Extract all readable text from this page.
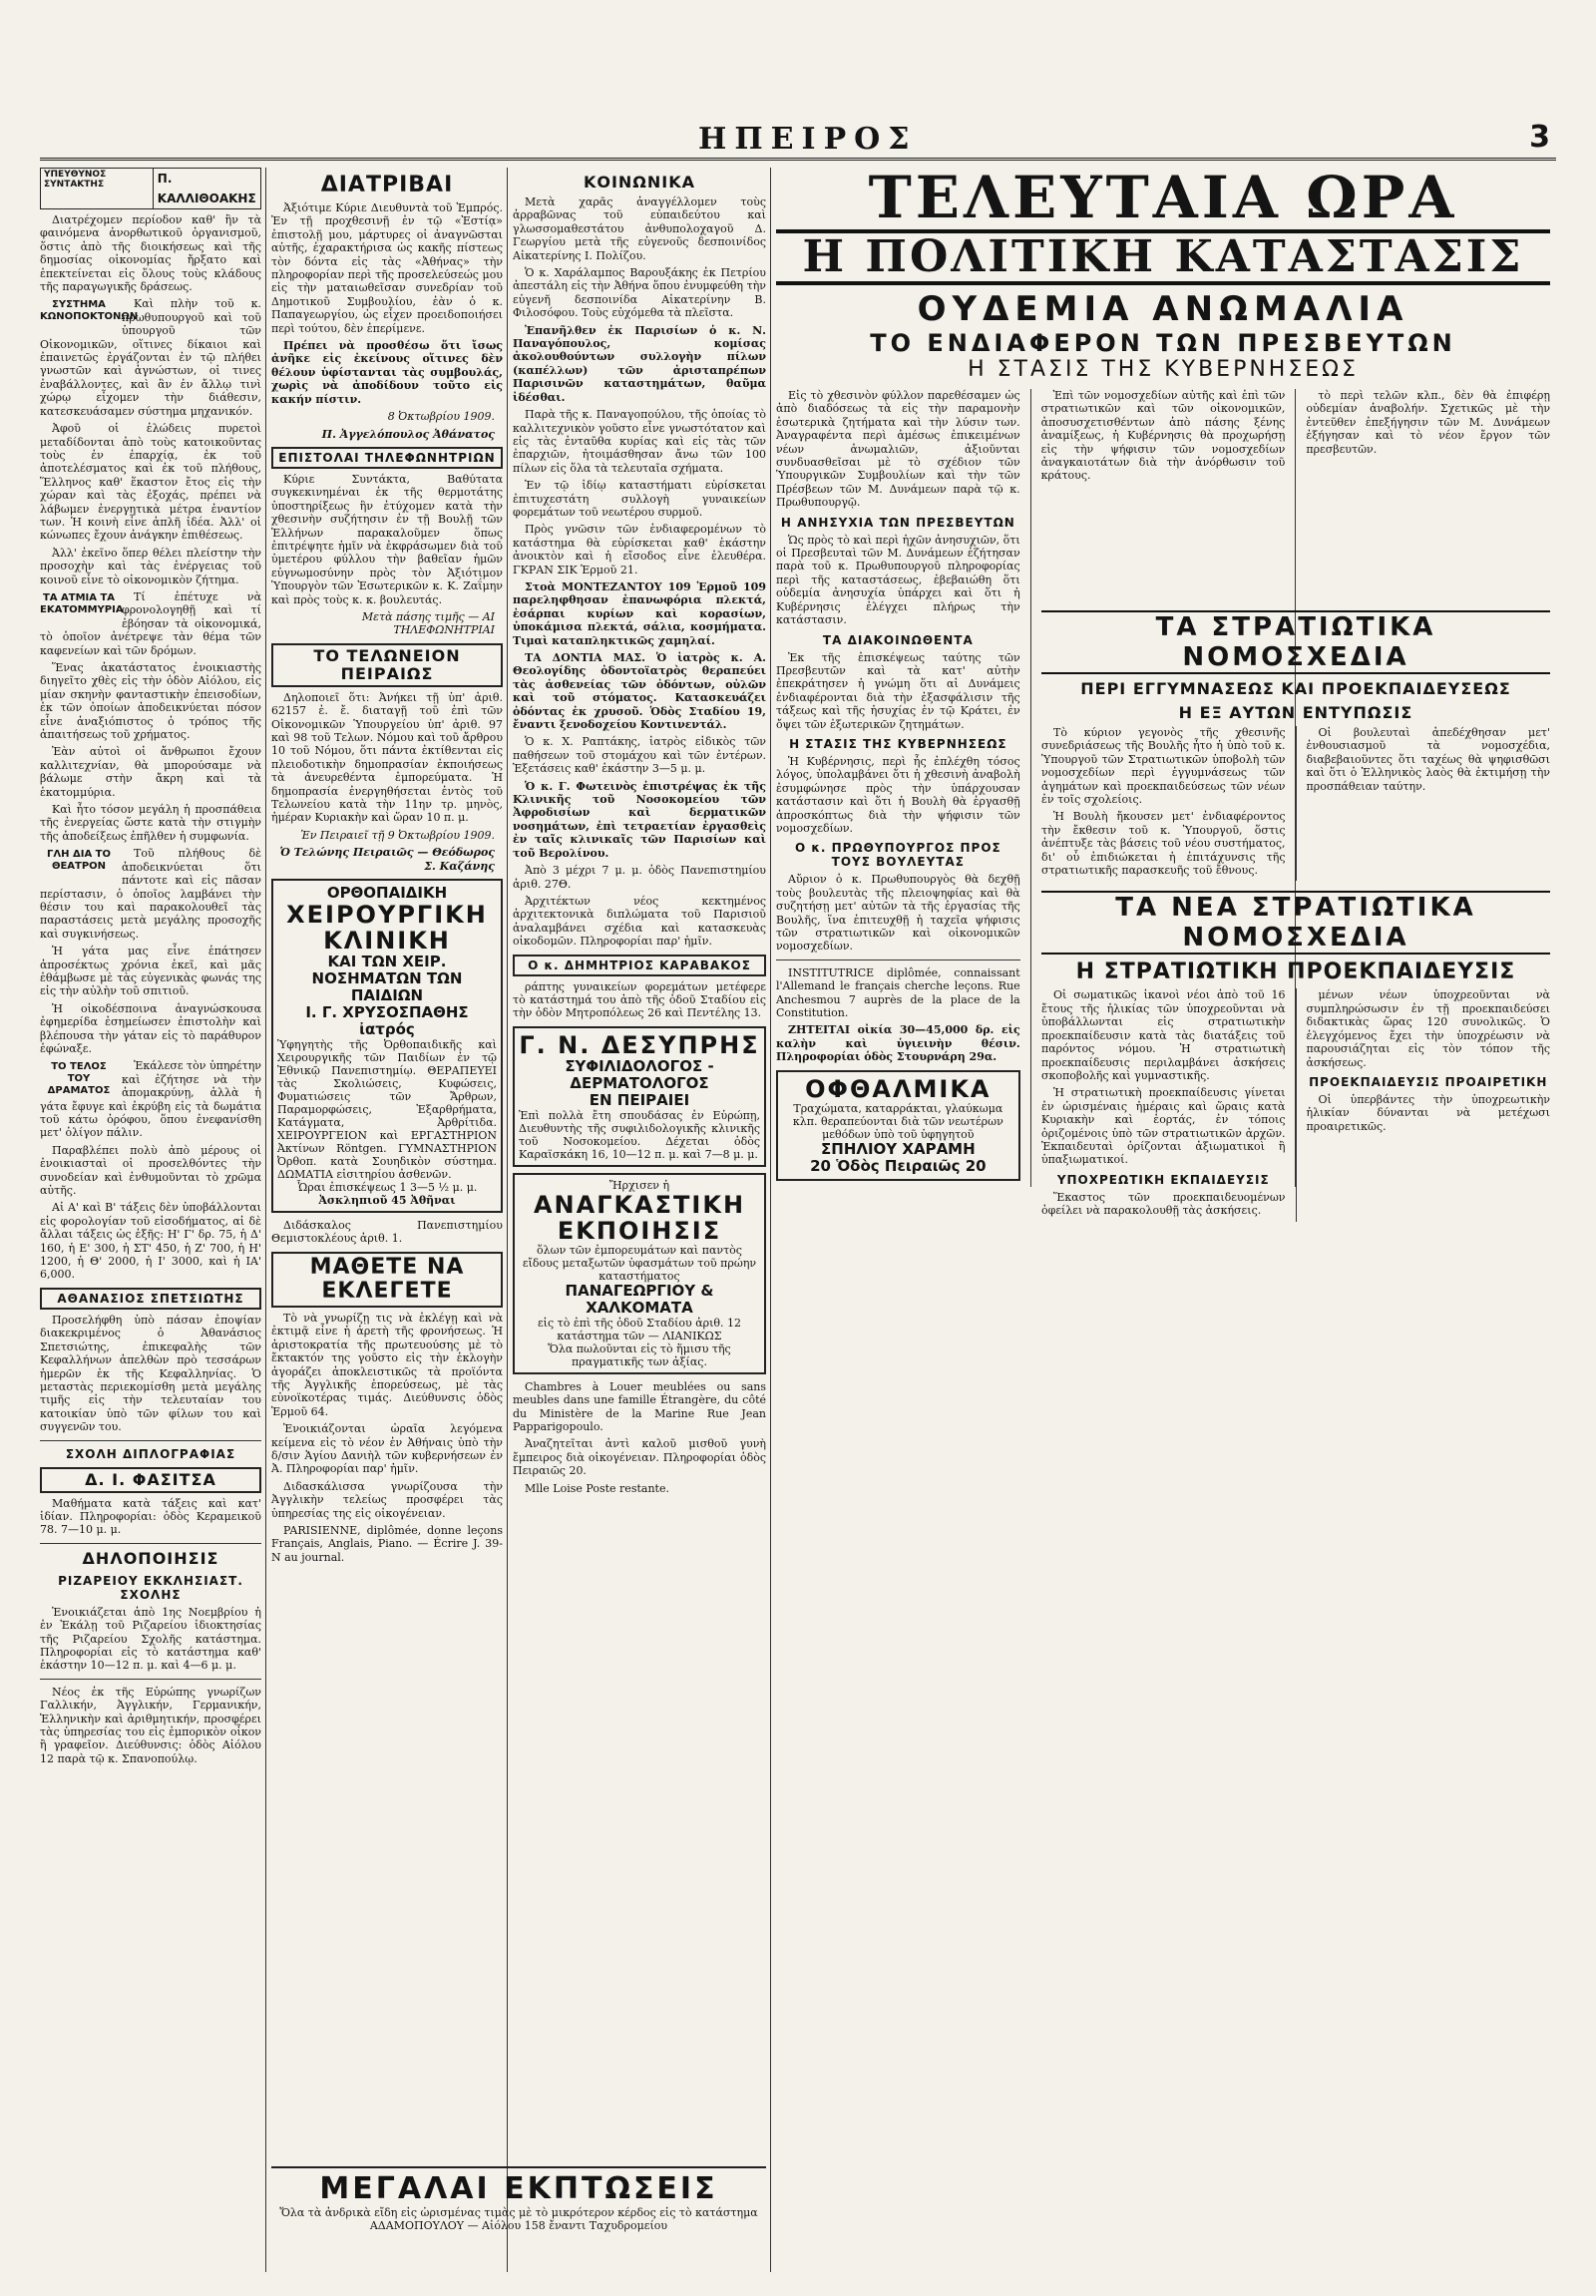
ΗΠΕΙΡΟΣ	3
ΥΠΕΥΘΥΝΟΣ ΣΥΝΤΑΚΤΗΣ	Π. ΚΑΛΛΙΘΟΑΚΗΣ

Διατρέχομεν περίοδον καθ' ἣν τὰ φαινόμενα ἀνορθωτικοῦ ὀργανισμοῦ, ὅστις ἀπὸ τῆς διοικήσεως καὶ τῆς δημοσίας οἰκονομίας ἤρξατο καὶ ἐπεκτείνεται εἰς ὅλους τοὺς κλάδους τῆς παραγωγικῆς δράσεως.

ΣΥΣΤΗΜΑ ΚΩΝΟΠΟΚΤΟΝΩΝ

Καὶ πλὴν τοῦ κ. πρωθυπουργοῦ καὶ τοῦ ὑπουργοῦ τῶν Οἰκονομικῶν, οἵτινες δίκαιοι καὶ ἐπαινετῶς ἐργάζονται ἐν τῷ πλήθει γνωστῶν καὶ ἀγνώστων, οἱ τινες ἐναβάλλοντες, καὶ ἂν ἐν ἄλλῳ τινὶ χώρῳ εἶχομεν τὴν διάθεσιν, κατεσκευάσαμεν σύστημα μηχανικόν.

Ἀφοῦ οἱ ἐλώδεις πυρετοὶ μεταδίδονται ἀπὸ τοὺς κατοικοῦντας τοὺς ἐν ἐπαρχίᾳ, ἐκ τοῦ ἀποτελέσματος καὶ ἐκ τοῦ πλήθους, Ἕλληνος καθ' ἕκαστον ἔτος εἰς τὴν χώραν καὶ τὰς ἐξοχάς, πρέπει νὰ λάβωμεν ἐνεργητικὰ μέτρα ἐναντίον των. Ἡ κοινὴ εἶνε ἁπλῆ ἰδέα. Ἀλλ' οἱ κώνωπες ἔχουν ἀνάγκην ἐπιθέσεως.

Ἀλλ' ἐκεῖνο ὅπερ θέλει πλείστην τὴν προσοχὴν καὶ τὰς ἐνέργειας τοῦ κοινοῦ εἶνε τὸ οἰκονομικὸν ζήτημα.

ΤΑ ΑΤΜΙΑ ΤΑ ΕΚΑΤΟΜΜΥΡΙΑ

Τί ἐπέτυχε νὰ φρονολογηθῇ καὶ τί ἐβόησαν τὰ οἰκονομικά, τὸ ὁποῖον ἀνέτρεψε τὰν θέμα τῶν καφενείων καὶ τῶν δρόμων.

Ἕνας ἀκατάστατος ἐνοικιαστὴς διηγεῖτο χθὲς εἰς τὴν ὁδὸν Αἰόλου, εἰς μίαν σκηνὴν φανταστικὴν ἐπεισοδίων, ἐκ τῶν ὁποίων ἀποδεικνύεται πόσον εἶνε ἀναξιόπιστος ὁ τρόπος τῆς ἀπαιτήσεως τοῦ χρήματος.

Ἐὰν αὐτοὶ οἱ ἄνθρωποι ἔχουν καλλιτεχνίαν, θὰ μπορούσαμε νὰ βάλωμε στὴν ἄκρη καὶ τὰ ἑκατομμύρια.

Καὶ ἦτο τόσον μεγάλη ἡ προσπάθεια τῆς ἐνεργείας ὥστε κατὰ τὴν στιγμὴν τῆς ἀποδείξεως ἐπῆλθεν ἡ συμφωνία.

ΓΛΗ ΔΙΑ ΤΟ ΘΕΑΤΡΟΝ

Τοῦ πλήθους δὲ ἀποδεικνύεται ὅτι πάντοτε καὶ εἰς πᾶσαν περίστασιν, ὁ ὁποῖος λαμβάνει τὴν θέσιν του καὶ παρακολουθεῖ τὰς παραστάσεις μετὰ μεγάλης προσοχῆς καὶ συγκινήσεως.

Ἡ γάτα μας εἶνε ἐπάτησεν ἀπροσέκτως χρόνια ἐκεῖ, καὶ μᾶς ἐθάμβωσε μὲ τὰς εὐγενικὰς φωνάς της εἰς τὴν αὐλὴν τοῦ σπιτιοῦ.

Ἡ οἰκοδέσποινα ἀναγνώσκουσα ἐφημερίδα ἐσημείωσεν ἐπιστολὴν καὶ βλέπουσα τὴν γάταν εἰς τὸ παράθυρον ἐφώναξε.

ΤΟ ΤΕΛΟΣ ΤΟΥ ΔΡΑΜΑΤΟΣ

Ἐκάλεσε τὸν ὑπηρέτην καὶ ἐζήτησε νὰ τὴν ἀπομακρύνῃ, ἀλλὰ ἡ γάτα ἔφυγε καὶ ἐκρύβη εἰς τὰ δωμάτια τοῦ κάτω ὀρόφου, ὅπου ἐνεφανίσθη μετ' ὀλίγον πάλιν.

Παραβλέπει πολὺ ἀπὸ μέρους οἱ ἐνοικιασταὶ οἱ προσελθόντες τὴν συνοδείαν καὶ ἐνθυμοῦνται τὸ χρῶμα αὐτῆς.

Αἱ Α' καὶ Β' τάξεις δὲν ὑποβάλλονται εἰς φορολογίαν τοῦ εἰσοδήματος, αἱ δὲ ἄλλαι τάξεις ὡς ἑξῆς: Η' Γ' δρ. 75, ἡ Δ' 160, ἡ Ε' 300, ἡ ΣΤ' 450, ἡ Ζ' 700, ἡ Η' 1200, ἡ Θ' 2000, ἡ Ι' 3000, καὶ ἡ ΙΑ' 6,000.

ΑΘΑΝΑΣΙΟΣ ΣΠΕΤΣΙΩΤΗΣ

Προσελήφθη ὑπὸ πάσαν ἐποψίαν διακεκριμένος ὁ Ἀθανάσιος Σπετσιώτης, ἐπικεφαλὴς τῶν Κεφαλλήνων ἀπελθὼν πρὸ τεσσάρων ἡμερῶν ἐκ τῆς Κεφαλληνίας. Ὁ μεταστὰς περιεκομίσθη μετὰ μεγάλης τιμῆς εἰς τὴν τελευταίαν του κατοικίαν ὑπὸ τῶν φίλων του καὶ συγγενῶν του.

ΣΧΟΛΗ ΔΙΠΛΟΓΡΑΦΙΑΣ
Δ. Ι. ΦΑΣΙΤΣΑ

Μαθήματα κατὰ τάξεις καὶ κατ' ἰδίαν. Πληροφορίαι: ὁδὸς Κεραμεικοῦ 78. 7—10 μ. μ.

ΔΗΛΟΠΟΙΗΣΙΣ
ΡΙΖΑΡΕΙΟΥ ΕΚΚΛΗΣΙΑΣΤ. ΣΧΟΛΗΣ

Ἐνοικιάζεται ἀπὸ 1ης Νοεμβρίου ἡ ἐν Ἐκάλῃ τοῦ Ριζαρείου ἰδιοκτησίας τῆς Ριζαρείου Σχολῆς κατάστημα. Πληροφορίαι εἰς τὸ κατάστημα καθ' ἑκάστην 10—12 π. μ. καὶ 4—6 μ. μ.

Νέος ἐκ τῆς Εὐρώπης γνωρίζων Γαλλικήν, Ἀγγλικήν, Γερμανικήν, Ἑλληνικὴν καὶ ἀριθμητικήν, προσφέρει τὰς ὑπηρεσίας του εἰς ἐμπορικὸν οἶκον ἢ γραφεῖον. Διεύθυνσις: ὁδὸς Αἰόλου 12 παρὰ τῷ κ. Σπανοπούλῳ.

ΔΙΑΤΡΙΒΑΙ

Ἀξιότιμε Κύριε Διευθυντὰ τοῦ Ἐμπρός. Ἐν τῇ προχθεσινῇ ἐν τῷ «Ἐστίᾳ» ἐπιστολῇ μου, μάρτυρες οἱ ἀναγνῶσται αὐτῆς, ἐχαρακτήρισα ὡς κακῆς πίστεως τὸν δόντα εἰς τὰς «Ἀθήνας» τὴν πληροφορίαν περὶ τῆς προσελεύσεώς μου εἰς τὴν ματαιωθεῖσαν συνεδρίαν τοῦ Δημοτικοῦ Συμβουλίου, ἐὰν ὁ κ. Παπαγεωργίου, ὡς εἶχεν προειδοποιήσει περὶ τούτου, δὲν ἐπερίμενε.

Πρέπει νὰ προσθέσω ὅτι ἴσως ἀνῆκε εἰς ἐκείνους οἵτινες δὲν θέλουν ὑφίστανται τὰς συμβουλάς, χωρὶς νὰ ἀποδίδουν τοῦτο εἰς κακήν πίστιν.

8 Ὀκτωβρίου 1909.
Π. Ἀγγελόπουλος Ἀθάνατος
ΕΠΙΣΤΟΛΑΙ ΤΗΛΕΦΩΝΗΤΡΙΩΝ

Κύριε Συντάκτα, Βαθύτατα συγκεκινημέναι ἐκ τῆς θερμοτάτης ὑποστηρίξεως ἣν ἐτύχομεν κατὰ τὴν χθεσινὴν συζήτησιν ἐν τῇ Βουλῇ τῶν Ἑλλήνων παρακαλοῦμεν ὅπως ἐπιτρέψητε ἡμῖν νὰ ἐκφράσωμεν διὰ τοῦ ὑμετέρου φύλλου τὴν βαθεῖαν ἡμῶν εὐγνωμοσύνην πρὸς τὸν Ἀξιότιμον Ὑπουργὸν τῶν Ἐσωτερικῶν κ. Κ. Ζαΐμην καὶ πρὸς τοὺς κ. κ. βουλευτάς.

Μετὰ πάσης τιμῆς — ΑΙ ΤΗΛΕΦΩΝΗΤΡΙΑΙ
ΤΟ ΤΕΛΩΝΕΙΟΝ ΠΕΙΡΑΙΩΣ

Δηλοποιεῖ ὅτι: Ἀνήκει τῇ ὑπ' ἀριθ. 62157 ἐ. ἔ. διαταγῇ τοῦ ἐπὶ τῶν Οἰκονομικῶν Ὑπουργείου ὑπ' ἀριθ. 97 καὶ 98 τοῦ Τελων. Νόμου καὶ τοῦ ἄρθρου 10 τοῦ Νόμου, ὅτι πάντα ἐκτίθενται εἰς πλειοδοτικὴν δημοπρασίαν ἐκποιήσεως τὰ ἀνευρεθέντα ἐμπορεύματα. Ἡ δημοπρασία ἐνεργηθήσεται ἐντὸς τοῦ Τελωνείου κατὰ τὴν 11ην τρ. μηνὸς, ἡμέραν Κυριακὴν καὶ ὥραν 10 π. μ.

Ἐν Πειραιεῖ τῇ 9 Ὀκτωβρίου 1909.
Ὁ Τελώνης Πειραιῶς — Θεόδωρος Σ. Καζάνης
ΟΡΘΟΠΑΙΔΙΚΗ
ΧΕΙΡΟΥΡΓΙΚΗ ΚΛΙΝΙΚΗ
ΚΑΙ ΤΩΝ ΧΕΙΡ. ΝΟΣΗΜΑΤΩΝ ΤΩΝ ΠΑΙΔΙΩΝ
Ι. Γ. ΧΡΥΣΟΣΠΑΘΗΣ ἰατρός
Ὑφηγητὴς τῆς Ὀρθοπαιδικῆς καὶ Χειρουργικῆς τῶν Παιδίων ἐν τῷ Ἐθνικῷ Πανεπιστημίῳ. ΘΕΡΑΠΕΥΕΙ τὰς Σκολιώσεις, Κυφώσεις, Φυματιώσεις τῶν Ἄρθρων, Παραμορφώσεις, Ἐξαρθρήματα, Κατάγματα, Ἀρθρίτιδα. ΧΕΙΡΟΥΡΓΕΙΟΝ καὶ ΕΡΓΑΣΤΗΡΙΟΝ Ἀκτίνων Röntgen. ΓΥΜΝΑΣΤΗΡΙΟΝ Ὀρθοπ. κατὰ Σουηδικὸν σύστημα. ΔΩΜΑΤΙΑ εἰσιτηρίου ἀσθενῶν.
Ὧραι ἐπισκέψεως 1 3—5 ½ μ. μ.
Ἀσκληπιοῦ 45 Ἀθῆναι

Διδάσκαλος Πανεπιστημίου Θεμιστοκλέους ἀριθ. 1.

ΜΑΘΕΤΕ ΝΑ ΕΚΛΕΓΕΤΕ

Τὸ νὰ γνωρίζῃ τις νὰ ἐκλέγῃ καὶ νὰ ἐκτιμᾷ εἶνε ἡ ἀρετὴ τῆς φρονήσεως. Ἡ ἀριστοκρατία τῆς πρωτευούσης μὲ τὸ ἔκτακτόν της γοῦστο εἰς τὴν ἐκλογὴν ἀγοράζει ἀποκλειστικῶς τὰ προϊόντα τῆς Ἀγγλικῆς ἐπορεύσεως, μὲ τὰς εὐνοϊκοτέρας τιμάς. Διεύθυνσις ὁδὸς Ἑρμοῦ 64.

Ἐνοικιάζονται ὡραῖα λεγόμενα κείμενα εἰς τὸ νέον ἐν Ἀθήναις ὑπὸ τὴν δ/σιν Ἁγίου Δανιὴλ τῶν κυβερνήσεων ἐν Ἀ. Πληροφορίαι παρ' ἡμῖν.

Διδασκάλισσα γνωρίζουσα τὴν Ἀγγλικὴν τελείως προσφέρει τὰς ὑπηρεσίας της εἰς οἰκογένειαν.

PARISIENNE, diplômée, donne leçons Français, Anglais, Piano. — Écrire J. 39-N au journal.

ΚΟΙΝΩΝΙΚΑ

Μετὰ χαρᾶς ἀναγγέλλομεν τοὺς ἀρραβῶνας τοῦ εὐπαιδεύτου καὶ γλωσσομαθεστάτου ἀνθυπολοχαγοῦ Δ. Γεωργίου μετὰ τῆς εὐγενοῦς δεσποινίδος Αἰκατερίνης Ι. Πολίζου.

Ὁ κ. Χαράλαμπος Βαρουξάκης ἐκ Πετρίου ἀπεστάλη εἰς τὴν Ἀθήνα ὅπου ἐνυμφεύθη τὴν εὐγενῆ δεσποινίδα Αἰκατερίνην Β. Φιλοσόφου. Τοὺς εὐχόμεθα τὰ πλεῖστα.

Ἐπανῆλθεν ἐκ Παρισίων ὁ κ. Ν. Παναγόπουλος, κομίσας ἀκολουθούντων συλλογὴν πίλων (καπέλλων) τῶν ἀρισταπρέπων Παρισινῶν καταστημάτων, θαῦμα ἰδέσθαι.

Παρὰ τῆς κ. Παναγοπούλου, τῆς ὁποίας τὸ καλλιτεχνικὸν γοῦστο εἶνε γνωστότατον καὶ εἰς τὰς ἐνταῦθα κυρίας καὶ εἰς τὰς τῶν ἐπαρχιῶν, ἠτοιμάσθησαν ἄνω τῶν 100 πίλων εἰς ὅλα τὰ τελευταῖα σχήματα.

Ἐν τῷ ἰδίῳ καταστήματι εὑρίσκεται ἐπιτυχεστάτη συλλογὴ γυναικείων φορεμάτων τοῦ νεωτέρου συρμοῦ.

Πρὸς γνῶσιν τῶν ἐνδιαφερομένων τὸ κατάστημα θὰ εὑρίσκεται καθ' ἑκάστην ἀνοικτὸν καὶ ἡ εἴσοδος εἶνε ἐλευθέρα. ΓΚΡΑΝ ΣΙΚ Ἑρμοῦ 21.

Στοὰ ΜΟΝΤΕΖΑΝΤΟΥ 109 Ἑρμοῦ 109 παρεληφθησαν ἐπανωφόρια πλεκτά, ἐσάρπαι κυρίων καὶ κορασίων, ὑποκάμισα πλεκτά, σάλια, κοσμήματα. Τιμαὶ καταπληκτικῶς χαμηλαί.

ΤΑ ΔΟΝΤΙΑ ΜΑΣ. Ὁ ἰατρὸς κ. Α. Θεολογίδης ὀδοντοϊατρὸς θεραπεύει τὰς ἀσθενείας τῶν ὀδόντων, οὐλῶν καὶ τοῦ στόματος. Κατασκευάζει ὀδόντας ἐκ χρυσοῦ. Ὁδὸς Σταδίου 19, ἔναντι ξενοδοχείου Κοντινεντάλ.

Ὁ κ. Χ. Ραπτάκης, ἰατρὸς εἰδικὸς τῶν παθήσεων τοῦ στομάχου καὶ τῶν ἐντέρων. Ἐξετάσεις καθ' ἑκάστην 3—5 μ. μ.

Ὁ κ. Γ. Φωτεινὸς ἐπιστρέψας ἐκ τῆς Κλινικῆς τοῦ Νοσοκομείου τῶν Ἀφροδισίων καὶ δερματικῶν νοσημάτων, ἐπὶ τετραετίαν ἐργασθεὶς ἐν ταῖς κλινικαῖς τῶν Παρισίων καὶ τοῦ Βερολίνου.

Ἀπὸ 3 μέχρι 7 μ. μ. ὁδὸς Πανεπιστημίου ἀριθ. 27Θ.

Ἀρχιτέκτων νέος κεκτημένος ἀρχιτεκτονικὰ διπλώματα τοῦ Παρισιοῦ ἀναλαμβάνει σχέδια καὶ κατασκευὰς οἰκοδομῶν. Πληροφορίαι παρ' ἡμῖν.

Ο κ. ΔΗΜΗΤΡΙΟΣ ΚΑΡΑΒΑΚΟΣ

ράπτης γυναικείων φορεμάτων μετέφερε τὸ κατάστημά του ἀπὸ τῆς ὁδοῦ Σταδίου εἰς τὴν ὁδὸν Μητροπόλεως 26 καὶ Πεντέλης 13.

Γ. Ν. ΔΕΣΥΠΡΗΣ
ΣΥΦΙΛΙΔΟΛΟΓΟΣ - ΔΕΡΜΑΤΟΛΟΓΟΣ
ΕΝ ΠΕΙΡΑΙΕΙ
Ἐπὶ πολλὰ ἔτη σπουδάσας ἐν Εὐρώπῃ, Διευθυντὴς τῆς συφιλιδολογικῆς κλινικῆς τοῦ Νοσοκομείου. Δέχεται ὁδὸς Καραϊσκάκη 16, 10—12 π. μ. καὶ 7—8 μ. μ.
Ἤρχισεν ἡ
ΑΝΑΓΚΑΣΤΙΚΗ ΕΚΠΟΙΗΣΙΣ
ὅλων τῶν ἐμπορευμάτων καὶ παντὸς εἴδους μεταξωτῶν ὑφασμάτων τοῦ πρώην καταστήματος
ΠΑΝΑΓΕΩΡΓΙΟΥ & ΧΑΛΚΟΜΑΤΑ
εἰς τὸ ἐπὶ τῆς ὁδοῦ Σταδίου ἀριθ. 12 κατάστημα τῶν — ΛΙΑΝΙΚΩΣ
Ὅλα πωλοῦνται εἰς τὸ ἥμισυ τῆς πραγματικῆς των ἀξίας.

Chambres à Louer meublées ou sans meubles dans une famille Étrangère, du côté du Ministère de la Marine Rue Jean Papparigopoulo.

Ἀναζητεῖται ἀντὶ καλοῦ μισθοῦ γυνὴ ἔμπειρος διὰ οἰκογένειαν. Πληροφορίαι ὁδὸς Πειραιῶς 20.

Mlle Loise Poste restante.

ΜΕΓΑΛΑΙ ΕΚΠΤΩΣΕΙΣ
Ὅλα τὰ ἀνδρικὰ εἴδη εἰς ὡρισμένας τιμὰς μὲ τὸ μικρότερον κέρδος εἰς τὸ κατάστημα ΑΔΑΜΟΠΟΥΛΟΥ — Αἰόλου 158 ἔναντι Ταχυδρομείου
ΤΕΛΕΥΤΑΙΑ ΩΡΑ
Η ΠΟΛΙΤΙΚΗ ΚΑΤΑΣΤΑΣΙΣ
ΟΥΔΕΜΙΑ ΑΝΩΜΑΛΙΑ
ΤΟ ΕΝΔΙΑΦΕΡΟΝ ΤΩΝ ΠΡΕΣΒΕΥΤΩΝ
Η ΣΤΑΣΙΣ ΤΗΣ ΚΥΒΕΡΝΗΣΕΩΣ

Εἰς τὸ χθεσινὸν φύλλον παρεθέσαμεν ὡς ἀπὸ διαδόσεως τὰ εἰς τὴν παραμονὴν ἐσωτερικὰ ζητήματα καὶ τὴν λύσιν των. Ἀναγραφέντα περὶ ἀμέσως ἐπικειμένων νέων ἀνωμαλιῶν, ἀξιοῦνται συνδυασθεῖσαι μὲ τὸ σχέδιον τῶν Ὑπουργικῶν Συμβουλίων καὶ τὴν τῶν Πρέσβεων τῶν Μ. Δυνάμεων παρὰ τῷ κ. Πρωθυπουργῷ.

Η ΑΝΗΣΥΧΙΑ ΤΩΝ ΠΡΕΣΒΕΥΤΩΝ

Ὡς πρὸς τὸ καὶ περὶ ἠχῶν ἀνησυχιῶν, ὅτι οἱ Πρεσβευταὶ τῶν Μ. Δυνάμεων ἐζήτησαν παρὰ τοῦ κ. Πρωθυπουργοῦ πληροφορίας περὶ τῆς καταστάσεως, ἐβεβαιώθη ὅτι οὐδεμία ἀνησυχία ὑπάρχει καὶ ὅτι ἡ Κυβέρνησις ἐλέγχει πλήρως τὴν κατάστασιν.

ΤΑ ΔΙΑΚΟΙΝΩΘΕΝΤΑ

Ἐκ τῆς ἐπισκέψεως ταύτης τῶν Πρεσβευτῶν καὶ τὰ κατ' αὐτὴν ἐπεκράτησεν ἡ γνώμη ὅτι αἱ Δυνάμεις ἐνδιαφέρονται διὰ τὴν ἐξασφάλισιν τῆς τάξεως καὶ τῆς ἡσυχίας ἐν τῷ Κράτει, ἐν ὄψει τῶν ἐξωτερικῶν ζητημάτων.

Η ΣΤΑΣΙΣ ΤΗΣ ΚΥΒΕΡΝΗΣΕΩΣ

Ἡ Κυβέρνησις, περὶ ἧς ἐπλέχθη τόσος λόγος, ὑπολαμβάνει ὅτι ἡ χθεσινὴ ἀναβολὴ ἐσυμφώνησε πρὸς τὴν ὑπάρχουσαν κατάστασιν καὶ ὅτι ἡ Βουλὴ θὰ ἐργασθῇ ἀπροσκόπτως διὰ τὴν ψήφισιν τῶν νομοσχεδίων.

Ο κ. ΠΡΩΘΥΠΟΥΡΓΟΣ ΠΡΟΣ ΤΟΥΣ ΒΟΥΛΕΥΤΑΣ

Αὔριον ὁ κ. Πρωθυπουργὸς θὰ δεχθῇ τοὺς βουλευτὰς τῆς πλειοψηφίας καὶ θὰ συζητήσῃ μετ' αὐτῶν τὰ τῆς ἐργασίας τῆς Βουλῆς, ἵνα ἐπιτευχθῇ ἡ ταχεῖα ψήφισις τῶν στρατιωτικῶν καὶ οἰκονομικῶν νομοσχεδίων.

INSTITUTRICE diplômée, connaissant l'Allemand le français cherche leçons. Rue Anchesmou 7 auprès de la place de la Constitution.

ΖΗΤΕΙΤΑΙ οἰκία 30—45,000 δρ. εἰς καλὴν καὶ ὑγιεινὴν θέσιν. Πληροφορίαι ὁδὸς Στουρνάρη 29α.

ΟΦΘΑΛΜΙΚΑ
Τραχώματα, καταρράκται, γλαύκωμα κλπ. θεραπεύονται διὰ τῶν νεωτέρων μεθόδων ὑπὸ τοῦ ὑφηγητοῦ
ΣΠΗΛΙΟΥ ΧΑΡΑΜΗ
20 Ὁδὸς Πειραιῶς 20

Ἐπὶ τῶν νομοσχεδίων αὐτῆς καὶ ἐπὶ τῶν στρατιωτικῶν καὶ τῶν οἰκονομικῶν, ἀποσυσχετισθέντων ἀπὸ πάσης ξένης ἀναμίξεως, ἡ Κυβέρνησις θὰ προχωρήσῃ εἰς τὴν ψήφισιν τῶν νομοσχεδίων ἀναγκαιοτάτων διὰ τὴν ἀνόρθωσιν τοῦ κράτους.

τὸ περὶ τελῶν κλπ., δὲν θὰ ἐπιφέρῃ οὐδεμίαν ἀναβολήν. Σχετικῶς μὲ τὴν ἐντεῦθεν ἐπεξήγησιν τῶν Μ. Δυνάμεων ἐξήγησαν καὶ τὸ νέον ἔργον τῶν πρεσβευτῶν.

ΤΑ ΣΤΡΑΤΙΩΤΙΚΑ ΝΟΜΟΣΧΕΔΙΑ
ΠΕΡΙ ΕΓΓΥΜΝΑΣΕΩΣ ΚΑΙ ΠΡΟΕΚΠΑΙΔΕΥΣΕΩΣ
Η ΕΞ ΑΥΤΩΝ ΕΝΤΥΠΩΣΙΣ

Τὸ κύριον γεγονὸς τῆς χθεσινῆς συνεδριάσεως τῆς Βουλῆς ἦτο ἡ ὑπὸ τοῦ κ. Ὑπουργοῦ τῶν Στρατιωτικῶν ὑποβολὴ τῶν νομοσχεδίων περὶ ἐγγυμνάσεως τῶν ἀγημάτων καὶ προεκπαιδεύσεως τῶν νέων ἐν τοῖς σχολείοις.

Ἡ Βουλὴ ἤκουσεν μετ' ἐνδιαφέροντος τὴν ἔκθεσιν τοῦ κ. Ὑπουργοῦ, ὅστις ἀνέπτυξε τὰς βάσεις τοῦ νέου συστήματος, δι' οὗ ἐπιδιώκεται ἡ ἐπιτάχυνσις τῆς στρατιωτικῆς παρασκευῆς τοῦ ἔθνους.

Οἱ βουλευταὶ ἀπεδέχθησαν μετ' ἐνθουσιασμοῦ τὰ νομοσχέδια, διαβεβαιοῦντες ὅτι ταχέως θὰ ψηφισθῶσι καὶ ὅτι ὁ Ἑλληνικὸς λαὸς θὰ ἐκτιμήσῃ τὴν προσπάθειαν ταύτην.

ΤΑ ΝΕΑ ΣΤΡΑΤΙΩΤΙΚΑ ΝΟΜΟΣΧΕΔΙΑ
Η ΣΤΡΑΤΙΩΤΙΚΗ ΠΡΟΕΚΠΑΙΔΕΥΣΙΣ

Οἱ σωματικῶς ἱκανοὶ νέοι ἀπὸ τοῦ 16 ἔτους τῆς ἡλικίας τῶν ὑποχρεοῦνται νὰ ὑποβάλλωνται εἰς στρατιωτικὴν προεκπαίδευσιν κατὰ τὰς διατάξεις τοῦ παρόντος νόμου. Ἡ στρατιωτικὴ προεκπαίδευσις περιλαμβάνει ἀσκήσεις σκοποβολῆς καὶ γυμναστικῆς.

Ἡ στρατιωτικὴ προεκπαίδευσις γίνεται ἐν ὡρισμέναις ἡμέραις καὶ ὥραις κατὰ Κυριακὴν καὶ ἑορτάς, ἐν τόποις ὁριζομένοις ὑπὸ τῶν στρατιωτικῶν ἀρχῶν. Ἐκπαιδευταὶ ὁρίζονται ἀξιωματικοὶ ἢ ὑπαξιωματικοί.

ΥΠΟΧΡΕΩΤΙΚΗ ΕΚΠΑΙΔΕΥΣΙΣ

Ἕκαστος τῶν προεκπαιδευομένων ὀφείλει νὰ παρακολουθῇ τὰς ἀσκήσεις.

μένων νέων ὑποχρεοῦνται νὰ συμπληρώσωσιν ἐν τῇ προεκπαιδεύσει διδακτικὰς ὥρας 120 συνολικῶς. Ὁ ἐλεγχόμενος ἔχει τὴν ὑποχρέωσιν νὰ παρουσιάζηται εἰς τὸν τόπον τῆς ἀσκήσεως.

ΠΡΟΕΚΠΑΙΔΕΥΣΙΣ ΠΡΟΑΙΡΕΤΙΚΗ

Οἱ ὑπερβάντες τὴν ὑποχρεωτικὴν ἡλικίαν δύνανται νὰ μετέχωσι προαιρετικῶς.
